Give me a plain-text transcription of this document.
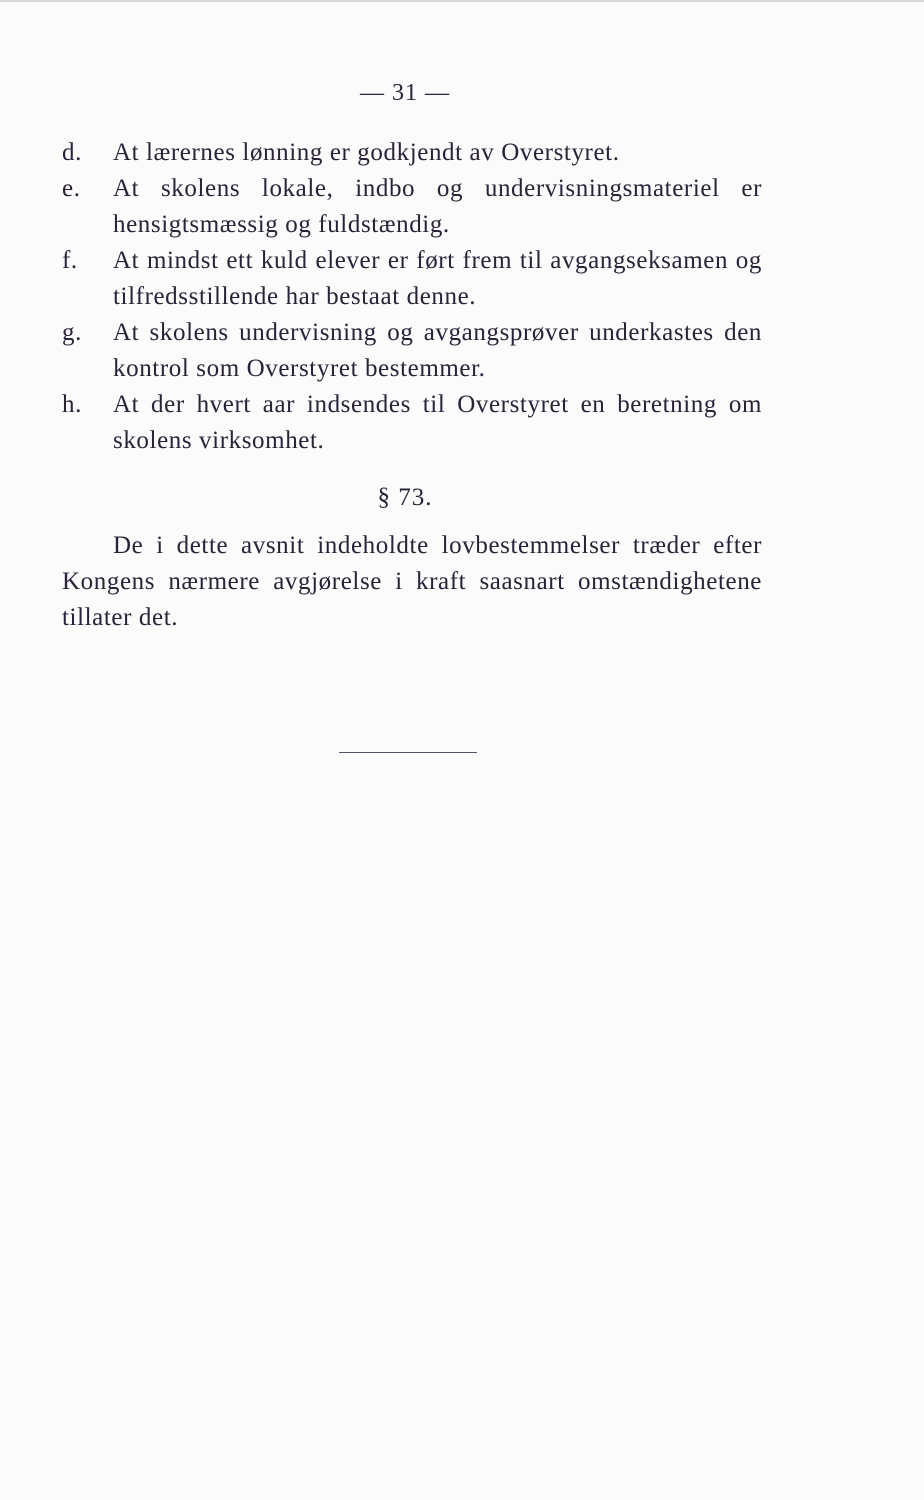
— 31 —
d. At lærernes lønning er godkjendt av Overstyret.
e. At skolens lokale, indbo og undervisningsmateriel er hensigtsmæssig og fuldstændig.
f. At mindst ett kuld elever er ført frem til avgangseksamen og tilfredsstillende har bestaat denne.
g. At skolens undervisning og avgangsprøver underkastes den kontrol som Overstyret bestemmer.
h. At der hvert aar indsendes til Overstyret en beretning om skolens virksomhet.
§ 73.
De i dette avsnit indeholdte lovbestemmelser træder efter Kongens nærmere avgjørelse i kraft saasnart omstændighetene tillater det.
